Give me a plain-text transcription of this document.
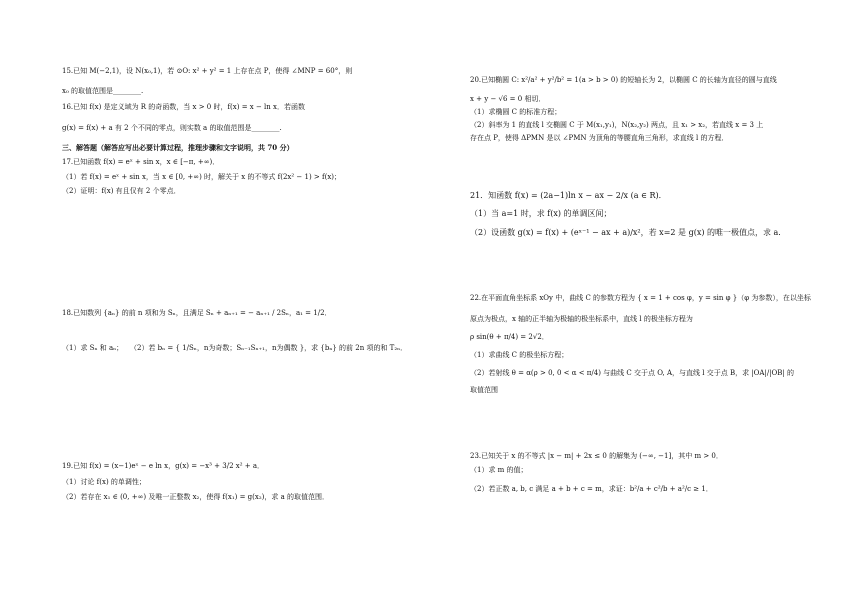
15.已知 M(−2,1)，设 N(x₀,1)，若 ⊙O: x² + y² = 1 上存在点 P，使得 ∠MNP = 60°，则
x₀ 的取值范围是________.
16.已知 f(x) 是定义域为 R 的奇函数，当 x > 0 时，f(x) = x − ln x．若函数
g(x) = f(x) + a 有 2 个不同的零点，则实数 a 的取值范围是________.
三、解答题（解答应写出必要计算过程，推理步骤和文字说明，共 70 分）
17.已知函数 f(x) = eˣ + sin x，x ∈ [−π, +∞)．
（1）若 f(x) = eˣ + sin x，当 x ∈ [0, +∞) 时，解关于 x 的不等式 f(2x² − 1) > f(x)；
（2）证明：f(x) 有且仅有 2 个零点．
18.已知数列 {aₙ} 的前 n 项和为 Sₙ，且满足 Sₙ + aₙ₊₁ = − aₙ₊₁ / 2Sₙ，a₁ = 1/2．
（1）求 Sₙ 和 aₙ； （2）若 bₙ = { 1/Sₙ，n为奇数；Sₙ₋₁Sₙ₊₁，n为偶数 }，求 {bₙ} 的前 2n 项的和 T₂ₙ．
19.已知 f(x) = (x−1)eˣ − e ln x，g(x) = −x³ + 3/2 x² + a．
（1）讨论 f(x) 的单调性；
（2）若存在 x₁ ∈ (0, +∞) 及唯一正整数 x₂，使得 f(x₁) = g(x₂)，求 a 的取值范围．
20.已知椭圆 C: x²/a² + y²/b² = 1(a > b > 0) 的短轴长为 2，以椭圆 C 的长轴为直径的圆与直线
x + y − √6 = 0 相切．
（1）求椭圆 C 的标准方程；
（2）斜率为 1 的直线 l 交椭圆 C 于 M(x₁,y₁)，N(x₂,y₂) 两点，且 x₁ > x₂，若直线 x = 3 上
存在点 P，使得 ΔPMN 是以 ∠PMN 为顶角的等腰直角三角形，求直线 l 的方程．
21．知函数 f(x) = (2a−1)ln x − ax − 2/x (a ∈ R)．
（1）当 a=1 时，求 f(x) 的单调区间；
（2）设函数 g(x) = f(x) + (eˣ⁻¹ − ax + a)/x²，若 x=2 是 g(x) 的唯一极值点，求 a．
22.在平面直角坐标系 xOy 中，曲线 C 的参数方程为 { x = 1 + cos φ，y = sin φ }（φ 为参数），在以坐标
原点为极点，x 轴的正半轴为极轴的极坐标系中，直线 l 的极坐标方程为
ρ sin(θ + π/4) = 2√2．
（1）求曲线 C 的极坐标方程；
（2）若射线 θ = α(ρ > 0, 0 < α < π/4) 与曲线 C 交于点 O, A，与直线 l 交于点 B，求 |OA|/|OB| 的
取值范围
23.已知关于 x 的不等式 |x − m| + 2x ≤ 0 的解集为 (−∞, −1]，其中 m > 0．
（1）求 m 的值；
（2）若正数 a, b, c 满足 a + b + c = m，求证：b²/a + c²/b + a²/c ≥ 1．
